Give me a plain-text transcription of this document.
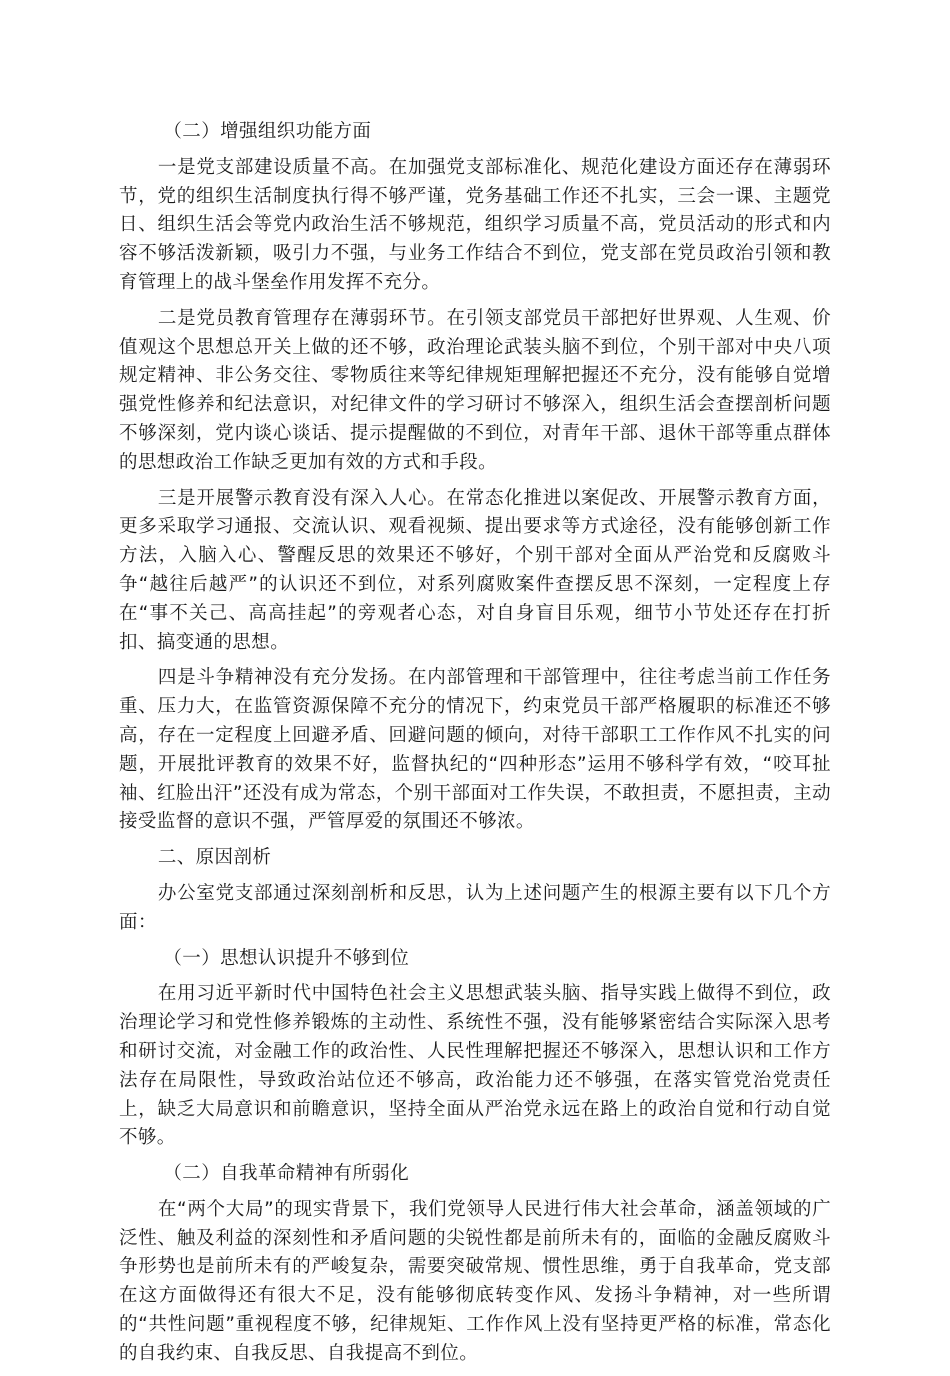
（二）增强组织功能方面

一是党支部建设质量不高。在加强党支部标准化、规范化建设方面还存在薄弱环节，党的组织生活制度执行得不够严谨，党务基础工作还不扎实，三会一课、主题党日、组织生活会等党内政治生活不够规范，组织学习质量不高，党员活动的形式和内容不够活泼新颖，吸引力不强，与业务工作结合不到位，党支部在党员政治引领和教育管理上的战斗堡垒作用发挥不充分。

二是党员教育管理存在薄弱环节。在引领支部党员干部把好世界观、人生观、价值观这个思想总开关上做的还不够，政治理论武装头脑不到位，个别干部对中央八项规定精神、非公务交往、零物质往来等纪律规矩理解把握还不充分，没有能够自觉增强党性修养和纪法意识，对纪律文件的学习研讨不够深入，组织生活会查摆剖析问题不够深刻，党内谈心谈话、提示提醒做的不到位，对青年干部、退休干部等重点群体的思想政治工作缺乏更加有效的方式和手段。

三是开展警示教育没有深入人心。在常态化推进以案促改、开展警示教育方面，更多采取学习通报、交流认识、观看视频、提出要求等方式途径，没有能够创新工作方法，入脑入心、警醒反思的效果还不够好，个别干部对全面从严治党和反腐败斗争“越往后越严”的认识还不到位，对系列腐败案件查摆反思不深刻，一定程度上存在“事不关己、高高挂起”的旁观者心态，对自身盲目乐观，细节小节处还存在打折扣、搞变通的思想。

四是斗争精神没有充分发扬。在内部管理和干部管理中，往往考虑当前工作任务重、压力大，在监管资源保障不充分的情况下，约束党员干部严格履职的标准还不够高，存在一定程度上回避矛盾、回避问题的倾向，对待干部职工工作作风不扎实的问题，开展批评教育的效果不好，监督执纪的“四种形态”运用不够科学有效，“咬耳扯袖、红脸出汗”还没有成为常态，个别干部面对工作失误，不敢担责，不愿担责，主动接受监督的意识不强，严管厚爱的氛围还不够浓。

二、原因剖析

办公室党支部通过深刻剖析和反思，认为上述问题产生的根源主要有以下几个方面：

（一）思想认识提升不够到位

在用习近平新时代中国特色社会主义思想武装头脑、指导实践上做得不到位，政治理论学习和党性修养锻炼的主动性、系统性不强，没有能够紧密结合实际深入思考和研讨交流，对金融工作的政治性、人民性理解把握还不够深入，思想认识和工作方法存在局限性，导致政治站位还不够高，政治能力还不够强，在落实管党治党责任上，缺乏大局意识和前瞻意识，坚持全面从严治党永远在路上的政治自觉和行动自觉不够。

（二）自我革命精神有所弱化

在“两个大局”的现实背景下，我们党领导人民进行伟大社会革命，涵盖领域的广泛性、触及利益的深刻性和矛盾问题的尖锐性都是前所未有的，面临的金融反腐败斗争形势也是前所未有的严峻复杂，需要突破常规、惯性思维，勇于自我革命，党支部在这方面做得还有很大不足，没有能够彻底转变作风、发扬斗争精神，对一些所谓的“共性问题”重视程度不够，纪律规矩、工作作风上没有坚持更严格的标准，常态化的自我约束、自我反思、自我提高不到位。
